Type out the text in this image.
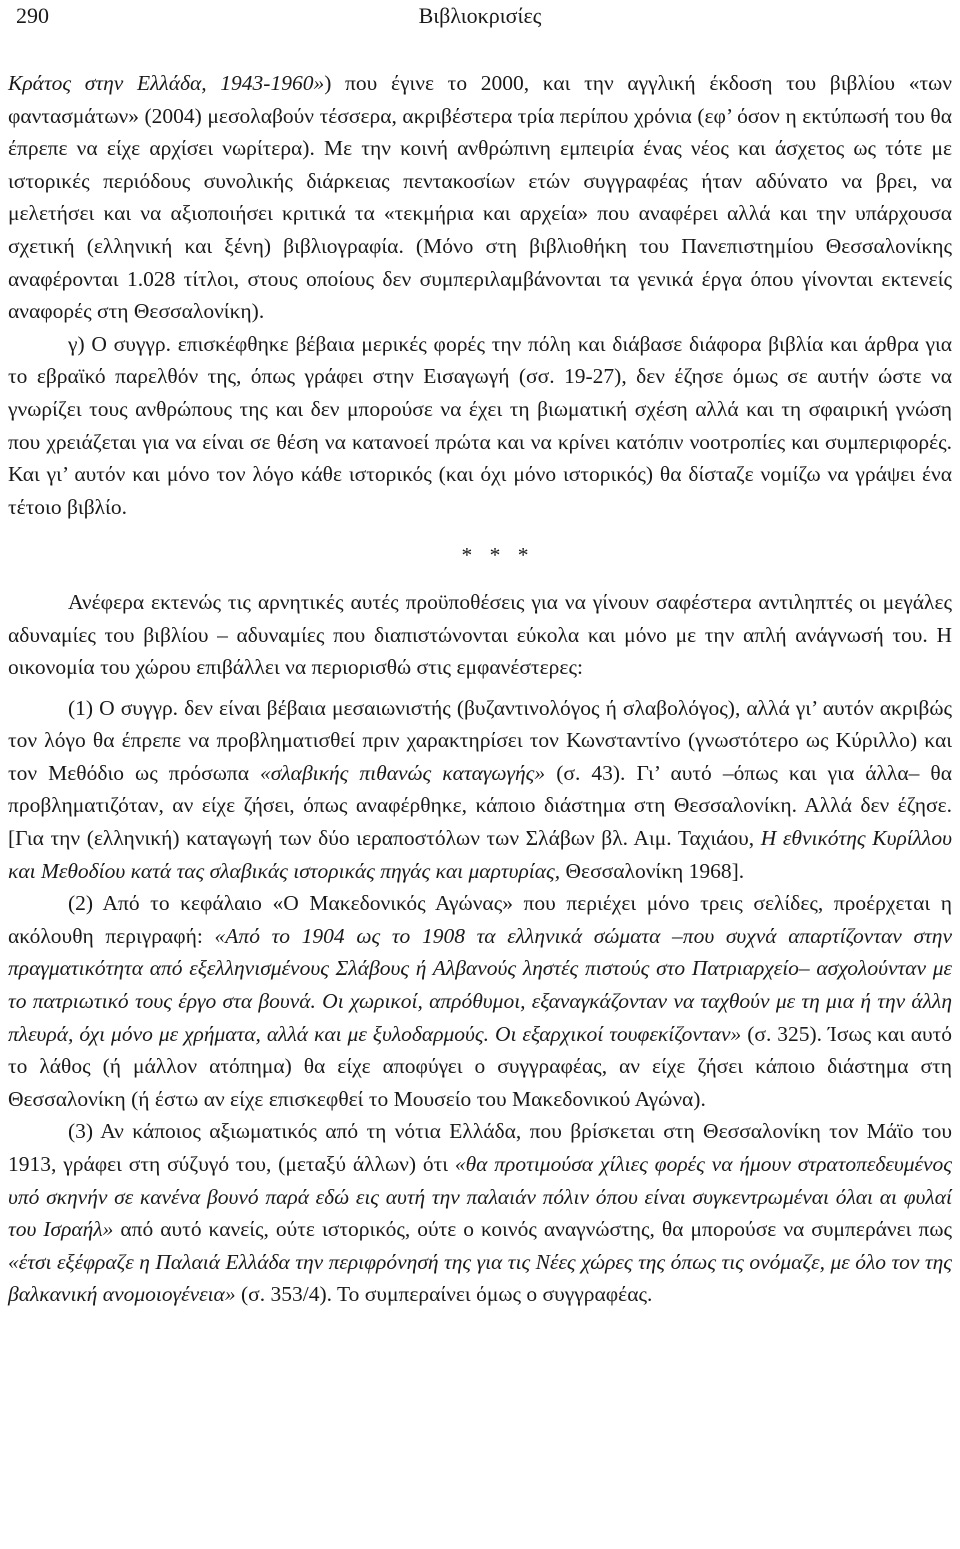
290	Βιβλιοκρισίες

Κράτος στην Ελλάδα, 1943-1960») που έγινε το 2000, και την αγγλική έκδοση του βιβλίου «των φαντασμάτων» (2004) μεσολαβούν τέσσερα, ακριβέστερα τρία περίπου χρόνια (εφ’ όσον η εκτύπωσή του θα έπρεπε να είχε αρχίσει νωρίτερα). Με την κοινή ανθρώπινη εμπειρία ένας νέος και άσχετος ως τότε με ιστορικές περιόδους συνολικής διάρκειας πεντακοσίων ετών συγγραφέας ήταν αδύνατο να βρει, να μελετήσει και να αξιοποιήσει κριτικά τα «τεκμήρια και αρχεία» που αναφέρει αλλά και την υπάρχουσα σχετική (ελληνική και ξένη) βιβλιογραφία. (Μόνο στη βιβλιοθήκη του Πανεπιστημίου Θεσσαλονίκης αναφέρονται 1.028 τίτλοι, στους οποίους δεν συμπεριλαμβάνονται τα γενικά έργα όπου γίνονται εκτενείς αναφορές στη Θεσσαλονίκη).

γ) Ο συγγρ. επισκέφθηκε βέβαια μερικές φορές την πόλη και διάβασε διάφορα βιβλία και άρθρα για το εβραϊκό παρελθόν της, όπως γράφει στην Εισαγωγή (σσ. 19-27), δεν έζησε όμως σε αυτήν ώστε να γνωρίζει τους ανθρώπους της και δεν μπορούσε να έχει τη βιωματική σχέση αλλά και τη σφαιρική γνώση που χρειάζεται για να είναι σε θέση να κατανοεί πρώτα και να κρίνει κατόπιν νοοτροπίες και συμπεριφορές. Και γι’ αυτόν και μόνο τον λόγο κάθε ιστορικός (και όχι μόνο ιστορικός) θα δίσταζε νομίζω να γράψει ένα τέτοιο βιβλίο.

* * *

Ανέφερα εκτενώς τις αρνητικές αυτές προϋποθέσεις για να γίνουν σαφέστερα αντιληπτές οι μεγάλες αδυναμίες του βιβλίου – αδυναμίες που διαπιστώνονται εύκολα και μόνο με την απλή ανάγνωσή του. Η οικονομία του χώρου επιβάλλει να περιορισθώ στις εμφανέστερες:

(1) Ο συγγρ. δεν είναι βέβαια μεσαιωνιστής (βυζαντινολόγος ή σλαβολόγος), αλλά γι’ αυτόν ακριβώς τον λόγο θα έπρεπε να προβληματισθεί πριν χαρακτηρίσει τον Κωνσταντίνο (γνωστότερο ως Κύριλλο) και τον Μεθόδιο ως πρόσωπα «σλαβικής πιθανώς καταγωγής» (σ. 43). Γι’ αυτό –όπως και για άλλα– θα προβληματιζόταν, αν είχε ζήσει, όπως αναφέρθηκε, κάποιο διάστημα στη Θεσσαλονίκη. Αλλά δεν έζησε. [Για την (ελληνική) καταγωγή των δύο ιεραποστόλων των Σλάβων βλ. Αιμ. Ταχιάου, Η εθνικότης Κυρίλλου και Μεθοδίου κατά τας σλαβικάς ιστορικάς πηγάς και μαρτυρίας, Θεσσαλονίκη 1968].

(2) Από το κεφάλαιο «Ο Μακεδονικός Αγώνας» που περιέχει μόνο τρεις σελίδες, προέρχεται η ακόλουθη περιγραφή: «Από το 1904 ως το 1908 τα ελληνικά σώματα –που συχνά απαρτίζονταν στην πραγματικότητα από εξελληνισμένους Σλάβους ή Αλβανούς ληστές πιστούς στο Πατριαρχείο– ασχολούνταν με το πατριωτικό τους έργο στα βουνά. Οι χωρικοί, απρόθυμοι, εξαναγκάζονταν να ταχθούν με τη μια ή την άλλη πλευρά, όχι μόνο με χρήματα, αλλά και με ξυλοδαρμούς. Οι εξαρχικοί τουφεκίζονταν» (σ. 325). Ίσως και αυτό το λάθος (ή μάλλον ατόπημα) θα είχε αποφύγει ο συγγραφέας, αν είχε ζήσει κάποιο διάστημα στη Θεσσαλονίκη (ή έστω αν είχε επισκεφθεί το Μουσείο του Μακεδονικού Αγώνα).

(3) Αν κάποιος αξιωματικός από τη νότια Ελλάδα, που βρίσκεται στη Θεσσαλονίκη τον Μάϊο του 1913, γράφει στη σύζυγό του, (μεταξύ άλλων) ότι «θα προτιμούσα χίλιες φορές να ήμουν στρατοπεδευμένος υπό σκηνήν σε κανένα βουνό παρά εδώ εις αυτή την παλαιάν πόλιν όπου είναι συγκεντρωμέναι όλαι αι φυλαί του Ισραήλ» από αυτό κανείς, ούτε ιστορικός, ούτε ο κοινός αναγνώστης, θα μπορούσε να συμπεράνει πως «έτσι εξέφραζε η Παλαιά Ελλάδα την περιφρόνησή της για τις Νέες χώρες της όπως τις ονόμαζε, με όλο τον της βαλκανική ανομοιογένεια» (σ. 353/4). Το συμπεραίνει όμως ο συγγραφέας.
